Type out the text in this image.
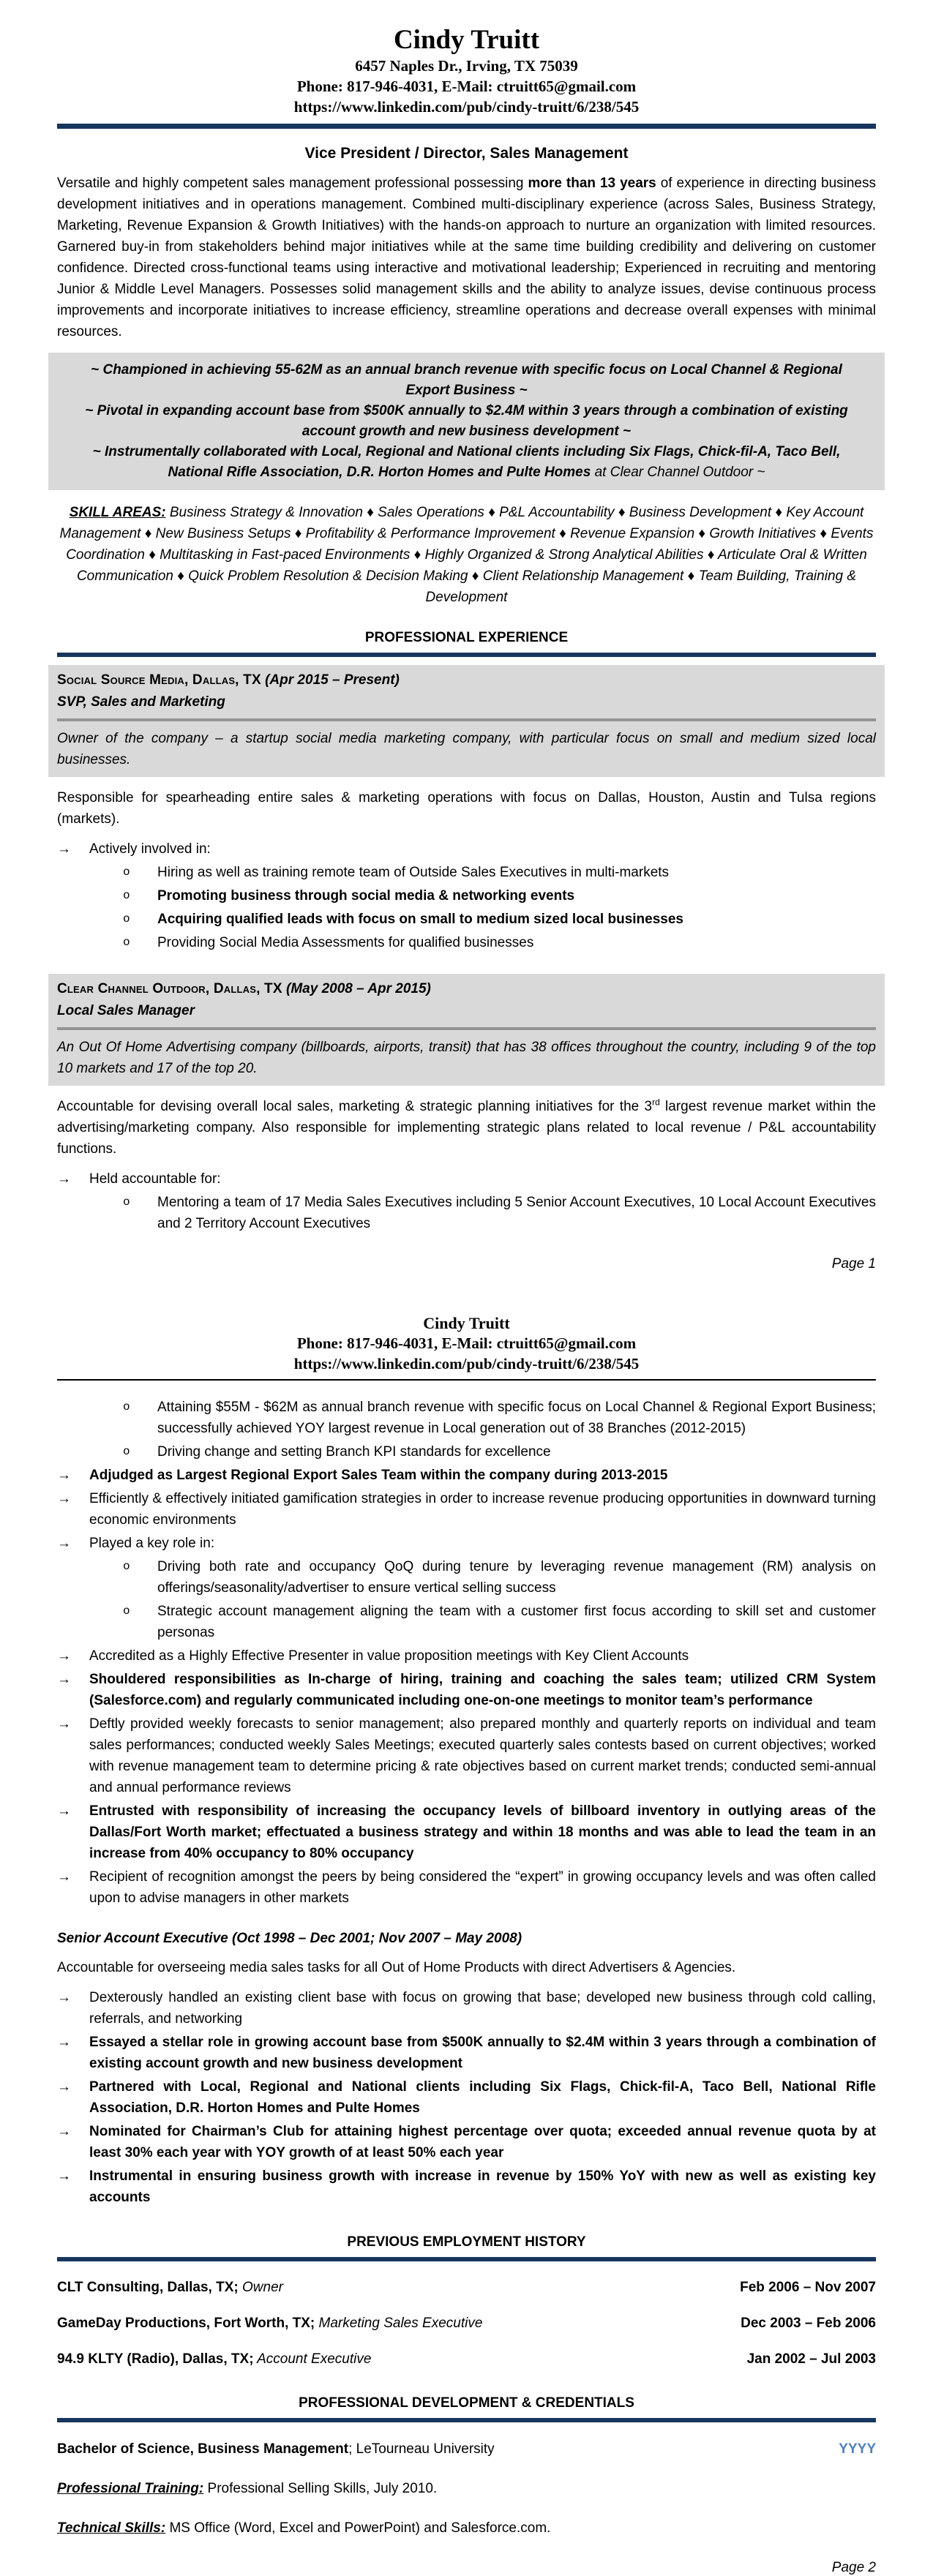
Cindy Truitt
6457 Naples Dr., Irving, TX 75039
Phone: 817-946-4031, E-Mail: ctruitt65@gmail.com
https://www.linkedin.com/pub/cindy-truitt/6/238/545
Vice President / Director, Sales Management
Versatile and highly competent sales management professional possessing more than 13 years of experience in directing business development initiatives and in operations management. Combined multi-disciplinary experience (across Sales, Business Strategy, Marketing, Revenue Expansion & Growth Initiatives) with the hands-on approach to nurture an organization with limited resources. Garnered buy-in from stakeholders behind major initiatives while at the same time building credibility and delivering on customer confidence. Directed cross-functional teams using interactive and motivational leadership; Experienced in recruiting and mentoring Junior & Middle Level Managers. Possesses solid management skills and the ability to analyze issues, devise continuous process improvements and incorporate initiatives to increase efficiency, streamline operations and decrease overall expenses with minimal resources.
~ Championed in achieving 55-62M as an annual branch revenue with specific focus on Local Channel & Regional Export Business ~
~ Pivotal in expanding account base from $500K annually to $2.4M within 3 years through a combination of existing account growth and new business development ~
~ Instrumentally collaborated with Local, Regional and National clients including Six Flags, Chick-fil-A, Taco Bell, National Rifle Association, D.R. Horton Homes and Pulte Homes at Clear Channel Outdoor ~
SKILL AREAS: Business Strategy & Innovation ♦ Sales Operations ♦ P&L Accountability ♦ Business Development ♦ Key Account Management ♦ New Business Setups ♦ Profitability & Performance Improvement ♦ Revenue Expansion ♦ Growth Initiatives ♦ Events Coordination ♦ Multitasking in Fast-paced Environments ♦ Highly Organized & Strong Analytical Abilities ♦ Articulate Oral & Written Communication ♦ Quick Problem Resolution & Decision Making ♦ Client Relationship Management ♦ Team Building, Training & Development
PROFESSIONAL EXPERIENCE
Social Source Media, Dallas, TX (Apr 2015 – Present)
SVP, Sales and Marketing
Owner of the company – a startup social media marketing company, with particular focus on small and medium sized local businesses.
Responsible for spearheading entire sales & marketing operations with focus on Dallas, Houston, Austin and Tulsa regions (markets).
→	Actively involved in:
o	Hiring as well as training remote team of Outside Sales Executives in multi-markets
o	Promoting business through social media & networking events
o	Acquiring qualified leads with focus on small to medium sized local businesses
o	Providing Social Media Assessments for qualified businesses
Clear Channel Outdoor, Dallas, TX (May 2008 – Apr 2015)
Local Sales Manager
An Out Of Home Advertising company (billboards, airports, transit) that has 38 offices throughout the country, including 9 of the top 10 markets and 17 of the top 20.
Accountable for devising overall local sales, marketing & strategic planning initiatives for the 3rd largest revenue market within the advertising/marketing company. Also responsible for implementing strategic plans related to local revenue / P&L accountability functions.
→	Held accountable for:
o	Mentoring a team of 17 Media Sales Executives including 5 Senior Account Executives, 10 Local Account Executives and 2 Territory Account Executives
Page 1
Cindy Truitt
Phone: 817-946-4031, E-Mail: ctruitt65@gmail.com
https://www.linkedin.com/pub/cindy-truitt/6/238/545
o	Attaining $55M - $62M as annual branch revenue with specific focus on Local Channel & Regional Export Business; successfully achieved YOY largest revenue in Local generation out of 38 Branches (2012-2015)
o	Driving change and setting Branch KPI standards for excellence
→	Adjudged as Largest Regional Export Sales Team within the company during 2013-2015
→	Efficiently & effectively initiated gamification strategies in order to increase revenue producing opportunities in downward turning economic environments
→	Played a key role in:
o	Driving both rate and occupancy QoQ during tenure by leveraging revenue management (RM) analysis on offerings/seasonality/advertiser to ensure vertical selling success
o	Strategic account management aligning the team with a customer first focus according to skill set and customer personas
→	Accredited as a Highly Effective Presenter in value proposition meetings with Key Client Accounts
→	Shouldered responsibilities as In-charge of hiring, training and coaching the sales team; utilized CRM System (Salesforce.com) and regularly communicated including one-on-one meetings to monitor team’s performance
→	Deftly provided weekly forecasts to senior management; also prepared monthly and quarterly reports on individual and team sales performances; conducted weekly Sales Meetings; executed quarterly sales contests based on current objectives; worked with revenue management team to determine pricing & rate objectives based on current market trends; conducted semi-annual and annual performance reviews
→	Entrusted with responsibility of increasing the occupancy levels of billboard inventory in outlying areas of the Dallas/Fort Worth market; effectuated a business strategy and within 18 months and was able to lead the team in an increase from 40% occupancy to 80% occupancy
→	Recipient of recognition amongst the peers by being considered the “expert” in growing occupancy levels and was often called upon to advise managers in other markets
Senior Account Executive (Oct 1998 – Dec 2001; Nov 2007 – May 2008)
Accountable for overseeing media sales tasks for all Out of Home Products with direct Advertisers & Agencies.
→	Dexterously handled an existing client base with focus on growing that base; developed new business through cold calling, referrals, and networking
→	Essayed a stellar role in growing account base from $500K annually to $2.4M within 3 years through a combination of existing account growth and new business development
→	Partnered with Local, Regional and National clients including Six Flags, Chick-fil-A, Taco Bell, National Rifle Association, D.R. Horton Homes and Pulte Homes
→	Nominated for Chairman’s Club for attaining highest percentage over quota; exceeded annual revenue quota by at least 30% each year with YOY growth of at least 50% each year
→	Instrumental in ensuring business growth with increase in revenue by 150% YoY with new as well as existing key accounts
PREVIOUS EMPLOYMENT HISTORY
CLT Consulting, Dallas, TX; Owner	Feb 2006 – Nov 2007
GameDay Productions, Fort Worth, TX; Marketing Sales Executive	Dec 2003 – Feb 2006
94.9 KLTY (Radio), Dallas, TX; Account Executive	Jan 2002 – Jul 2003
PROFESSIONAL DEVELOPMENT & CREDENTIALS
Bachelor of Science, Business Management; LeTourneau University	YYYY
Professional Training: Professional Selling Skills, July 2010.
Technical Skills: MS Office (Word, Excel and PowerPoint) and Salesforce.com.
Page 2
